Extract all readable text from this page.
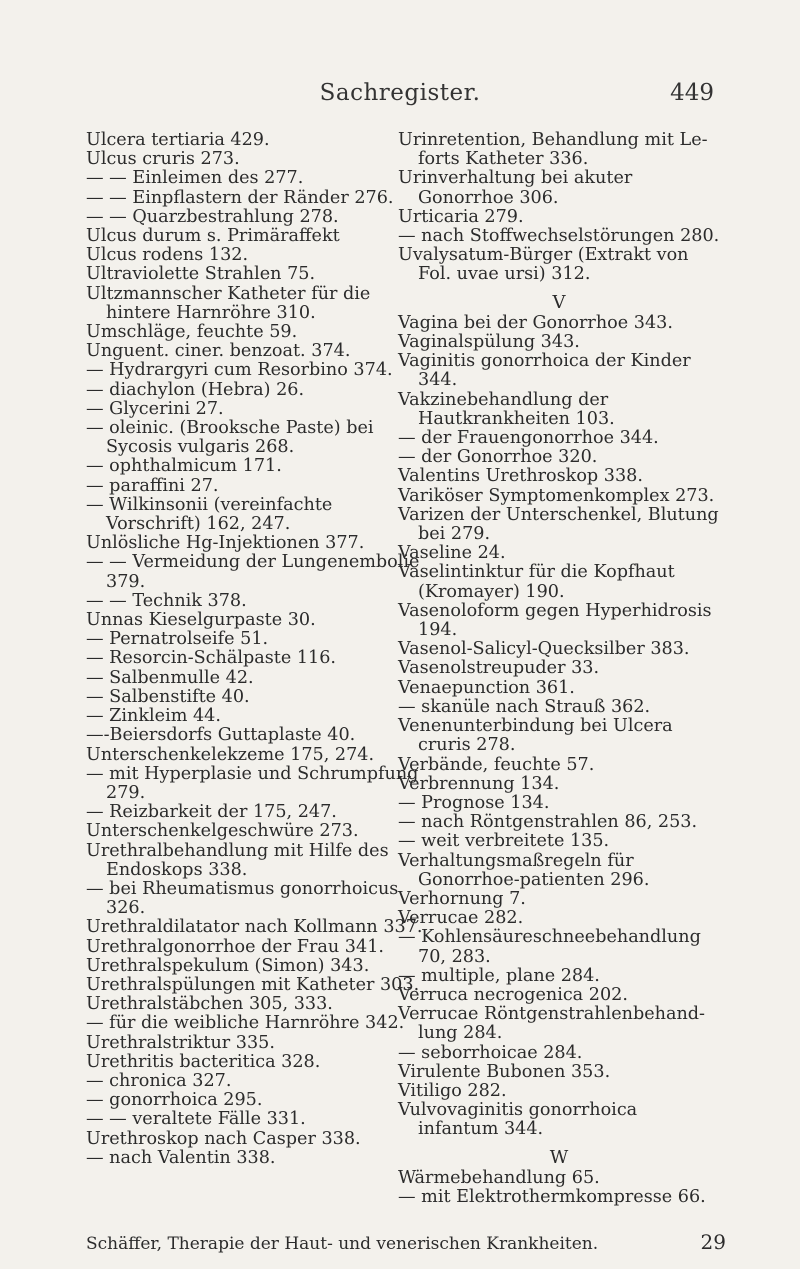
Sachregister.	449

Ulcera tertiaria 429.

Ulcus cruris 273.

— — Einleimen des 277.

— — Einpflastern der Ränder 276.

— — Quarzbestrahlung 278.

Ulcus durum s. Primäraffekt

Ulcus rodens 132.

Ultraviolette Strahlen 75.

Ultzmannscher Katheter für die hintere Harnröhre 310.

Umschläge, feuchte 59.

Unguent. ciner. benzoat. 374.

— Hydrargyri cum Resorbino 374.

— diachylon (Hebra) 26.

— Glycerini 27.

— oleinic. (Brooksche Paste) bei Sycosis vulgaris 268.

— ophthalmicum 171.

— paraffini 27.

— Wilkinsonii (vereinfachte Vorschrift) 162, 247.

Unlösliche Hg-Injektionen 377.

— — Vermeidung der Lungenembolie 379.

— — Technik 378.

Unnas Kieselgurpaste 30.

— Pernatrolseife 51.

— Resorcin-Schälpaste 116.

— Salbenmulle 42.

— Salbenstifte 40.

— Zinkleim 44.

—-Beiersdorfs Guttaplaste 40.

Unterschenkelekzeme 175, 274.

— mit Hyperplasie und Schrumpfung 279.

— Reizbarkeit der 175, 247.

Unterschenkelgeschwüre 273.

Urethralbehandlung mit Hilfe des Endoskops 338.

— bei Rheumatismus gonorrhoicus 326.

Urethraldilatator nach Kollmann 337.

Urethralgonorrhoe der Frau 341.

Urethralspekulum (Simon) 343.

Urethralspülungen mit Katheter 303.

Urethralstäbchen 305, 333.

— für die weibliche Harnröhre 342.

Urethralstriktur 335.

Urethritis bacteritica 328.

— chronica 327.

— gonorrhoica 295.

— — veraltete Fälle 331.

Urethroskop nach Casper 338.

— nach Valentin 338.

Urinretention, Behandlung mit Le-forts Katheter 336.

Urinverhaltung bei akuter Gonorrhoe 306.

Urticaria 279.

— nach Stoffwechselstörungen 280.

Uvalysatum-Bürger (Extrakt von Fol. uvae ursi) 312.

V

Vagina bei der Gonorrhoe 343.

Vaginalspülung 343.

Vaginitis gonorrhoica der Kinder 344.

Vakzinebehandlung der Hautkrankheiten 103.

— der Frauengonorrhoe 344.

— der Gonorrhoe 320.

Valentins Urethroskop 338.

Variköser Symptomenkomplex 273.

Varizen der Unterschenkel, Blutung bei 279.

Vaseline 24.

Vaselintinktur für die Kopfhaut (Kromayer) 190.

Vasenoloform gegen Hyperhidrosis 194.

Vasenol-Salicyl-Quecksilber 383.

Vasenolstreupuder 33.

Venaepunction 361.

— skanüle nach Strauß 362.

Venenunterbindung bei Ulcera cruris 278.

Verbände, feuchte 57.

Verbrennung 134.

— Prognose 134.

— nach Röntgenstrahlen 86, 253.

— weit verbreitete 135.

Verhaltungsmaßregeln für Gonorrhoe-patienten 296.

Verhornung 7.

Verrucae 282.

— Kohlensäureschneebehandlung 70, 283.

— multiple, plane 284.

Verruca necrogenica 202.

Verrucae Röntgenstrahlenbehand-lung 284.

— seborrhoicae 284.

Virulente Bubonen 353.

Vitiligo 282.

Vulvovaginitis gonorrhoica infantum 344.

W

Wärmebehandlung 65.

— mit Elektrothermkompresse 66.

Schäffer, Therapie der Haut- und venerischen Krankheiten.	29
